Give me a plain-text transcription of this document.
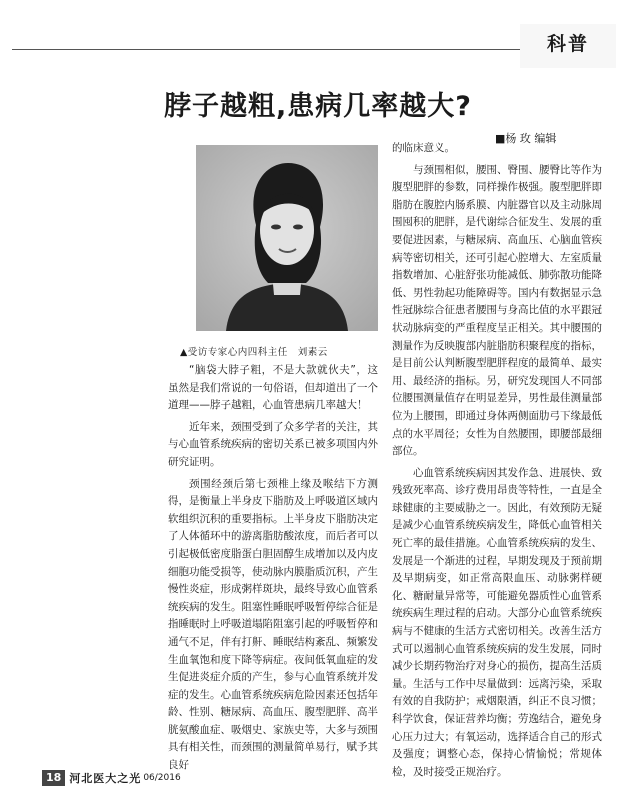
科普
脖子越粗,患病几率越大?
■杨 玫 编辑
▲受访专家心内四科主任　刘素云

“脑袋大脖子粗，不是大款就伙夫”，这虽然是我们常说的一句俗语，但却道出了一个道理——脖子越粗，心血管患病几率越大！

近年来，颈围受到了众多学者的关注，其与心血管系统疾病的密切关系已被多项国内外研究证明。

颈围经颈后第七颈椎上缘及喉结下方测得，是衡量上半身皮下脂肪及上呼吸道区域内软组织沉积的重要指标。上半身皮下脂肪决定了人体循环中的游离脂肪酸浓度，而后者可以引起极低密度脂蛋白胆固醇生成增加以及内皮细胞功能受损等，使动脉内膜脂质沉积，产生慢性炎症，形成粥样斑块，最终导致心血管系统疾病的发生。阻塞性睡眠呼吸暂停综合征是指睡眠时上呼吸道塌陷阻塞引起的呼吸暂停和通气不足，伴有打鼾、睡眠结构紊乱、频繁发生血氧饱和度下降等病症。夜间低氧血症的发生促进炎症介质的产生，参与心血管系统并发症的发生。心血管系统疾病危险因素还包括年龄、性别、糖尿病、高血压、腹型肥胖、高半胱氨酸血症、吸烟史、家族史等，大多与颈围具有相关性，而颈围的测量简单易行，赋予其良好

的临床意义。

与颈围相似，腰围、臀围、腰臀比等作为腹型肥胖的参数，同样操作极强。腹型肥胖即脂肪在腹腔内肠系膜、内脏器官以及主动脉周围囤积的肥胖，是代谢综合征发生、发展的重要促进因素，与糖尿病、高血压、心脑血管疾病等密切相关，还可引起心腔增大、左室质量指数增加、心脏舒张功能减低、肺弥散功能降低、男性勃起功能障碍等。国内有数据显示急性冠脉综合征患者腰围与身高比值的水平跟冠状动脉病变的严重程度呈正相关。其中腰围的测量作为反映腹部内脏脂肪积聚程度的指标，是目前公认判断腹型肥胖程度的最简单、最实用、最经济的指标。另，研究发现国人不同部位腰围测量值存在明显差异，男性最佳测量部位为上腰围，即通过身体两侧面肋弓下缘最低点的水平周径；女性为自然腰围，即腰部最细部位。

心血管系统疾病因其发作急、进展快、致残致死率高、诊疗费用昂贵等特性，一直是全球健康的主要威胁之一。因此，有效预防无疑是减少心血管系统疾病发生，降低心血管相关死亡率的最佳措施。心血管系统疾病的发生、发展是一个渐进的过程，早期发现及于预前期及早期病变，如正常高限血压、动脉粥样硬化、糖耐量异常等，可能避免器质性心血管系统疾病生理过程的启动。大部分心血管系统疾病与不健康的生活方式密切相关。改善生活方式可以遏制心血管系统疾病的发生发展，同时减少长期药物治疗对身心的损伤，提高生活质量。生活与工作中尽量做到：远离污染，采取有效的自我防护；戒烟限酒，纠正不良习惯；科学饮食，保证营养均衡；劳逸结合，避免身心压力过大；有氧运动，选择适合自己的形式及强度；调整心态，保持心情愉悦；常规体检，及时接受正规治疗。

18 河北医大之光 06/2016
